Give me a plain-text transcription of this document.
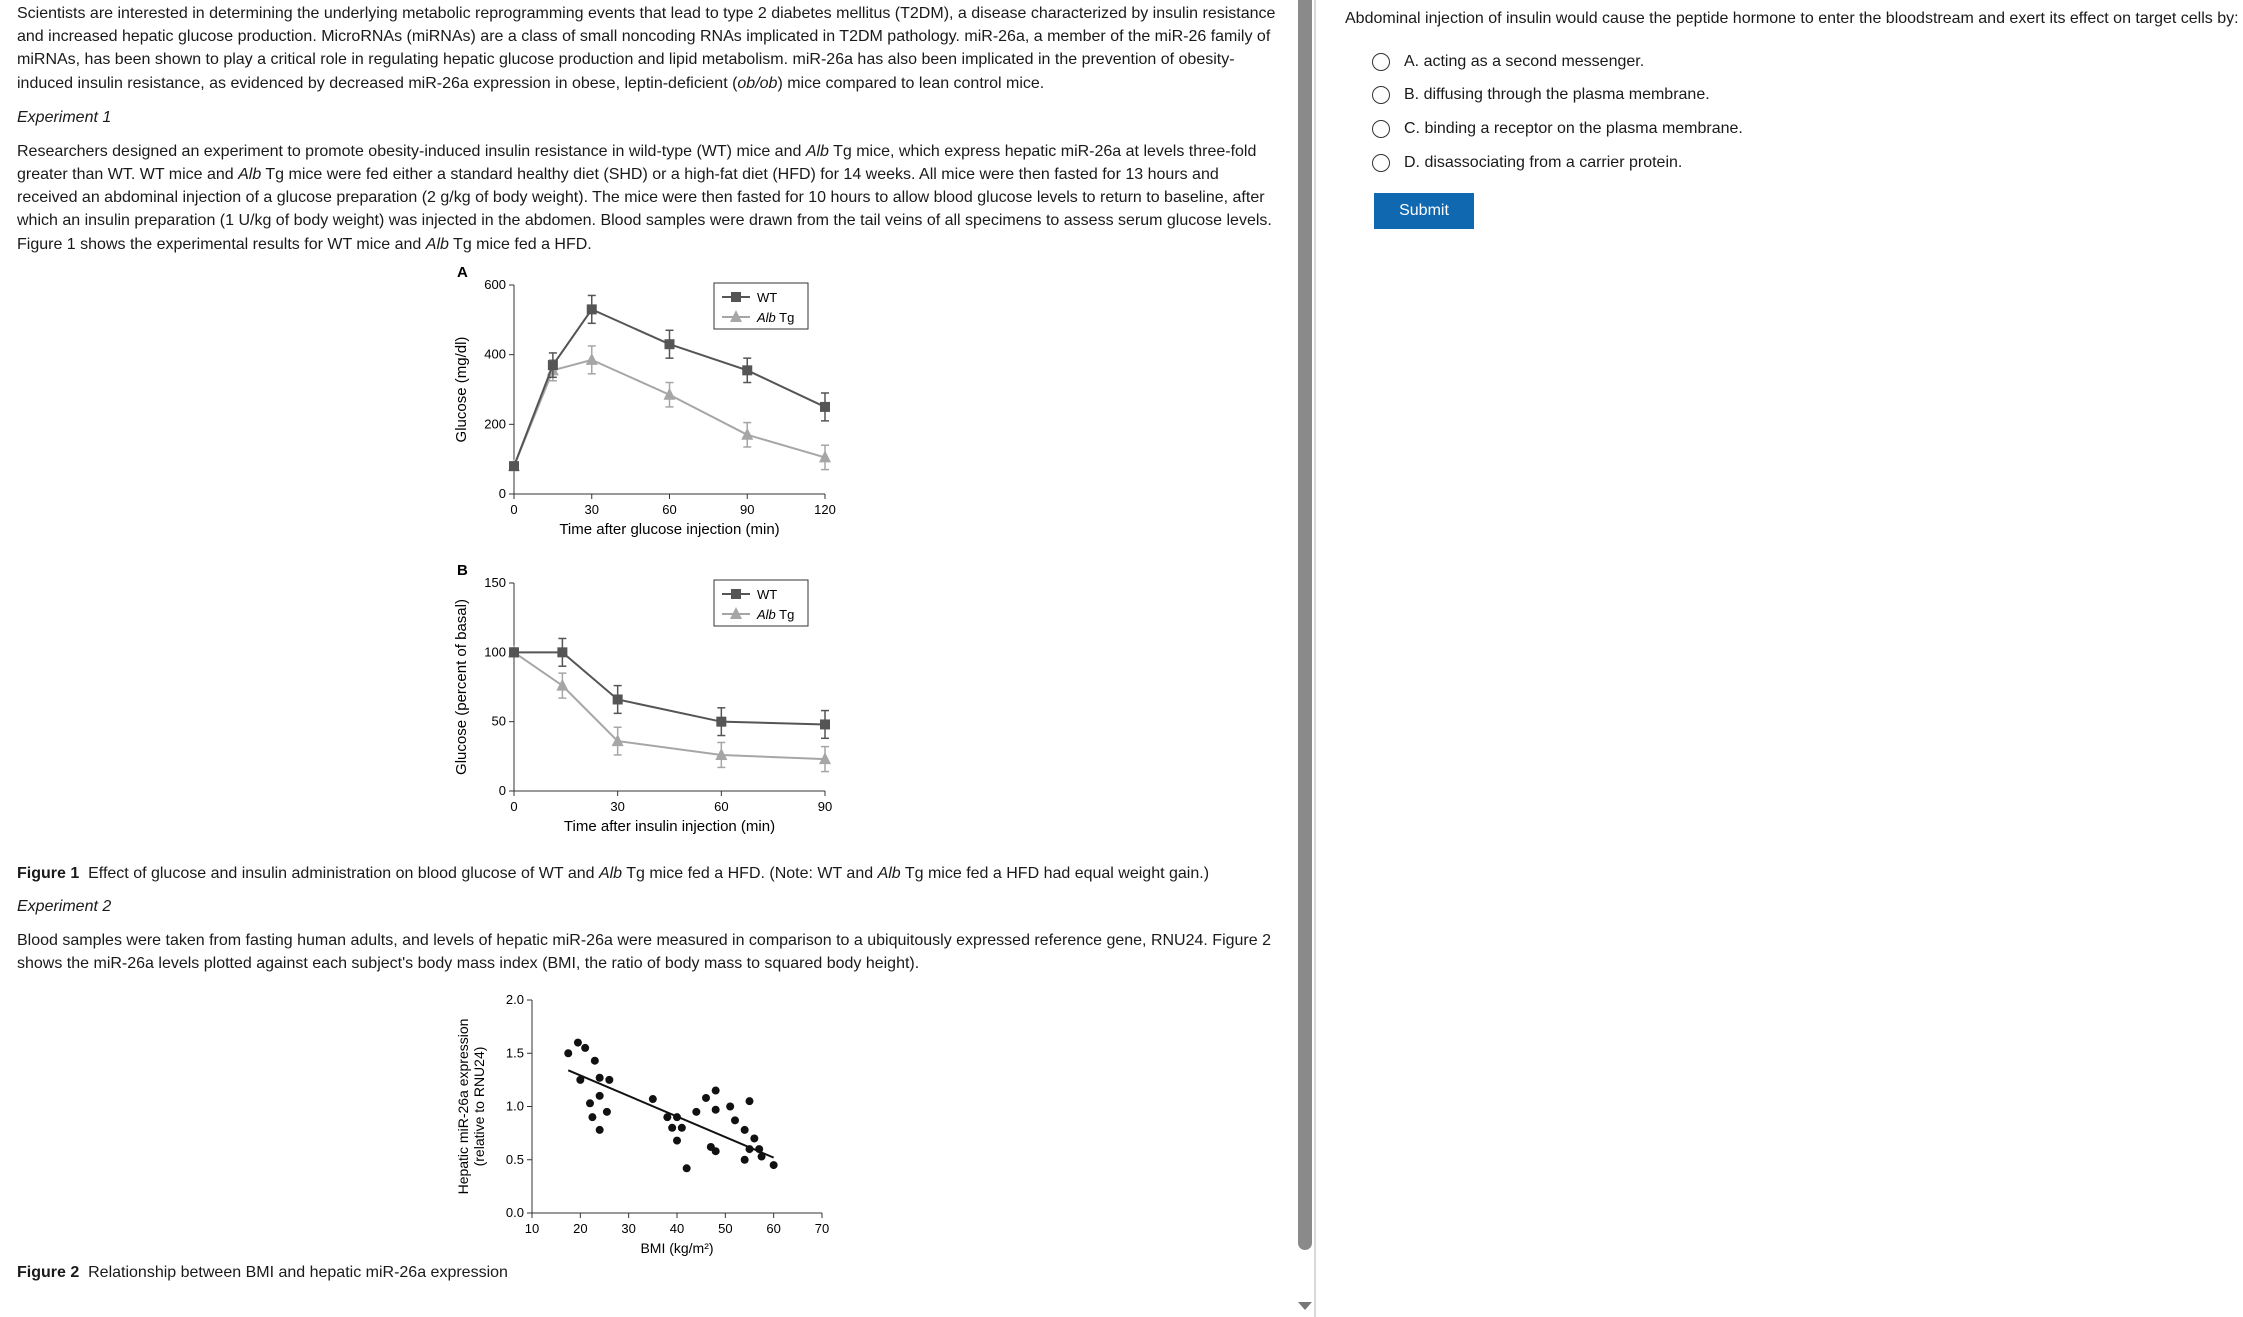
Scientists are interested in determining the underlying metabolic reprogramming events that lead to type 2 diabetes mellitus (T2DM), a disease characterized by insulin resistance and increased hepatic glucose production. MicroRNAs (miRNAs) are a class of small noncoding RNAs implicated in T2DM pathology. miR-26a, a member of the miR-26 family of miRNAs, has been shown to play a critical role in regulating hepatic glucose production and lipid metabolism. miR-26a has also been implicated in the prevention of obesity-induced insulin resistance, as evidenced by decreased miR-26a expression in obese, leptin-deficient (ob/ob) mice compared to lean control mice.

Experiment 1

Researchers designed an experiment to promote obesity-induced insulin resistance in wild-type (WT) mice and Alb Tg mice, which express hepatic miR-26a at levels three-fold greater than WT. WT mice and Alb Tg mice were fed either a standard healthy diet (SHD) or a high-fat diet (HFD) for 14 weeks. All mice were then fasted for 13 hours and received an abdominal injection of a glucose preparation (2 g/kg of body weight). The mice were then fasted for 10 hours to allow blood glucose levels to return to baseline, after which an insulin preparation (1 U/kg of body weight) was injected in the abdomen. Blood samples were drawn from the tail veins of all specimens to assess serum glucose levels. Figure 1 shows the experimental results for WT mice and Alb Tg mice fed a HFD.

A
0	30	60	90	120
0
200
400
600
Time after glucose injection (min)
Glucose (mg/dl)
WT
Alb Tg
B
0	30	60	90
0
50
100
150
Time after insulin injection (min)
Glucose (percent of basal)
WT
Alb Tg

Figure 1 Effect of glucose and insulin administration on blood glucose of WT and Alb Tg mice fed a HFD. (Note: WT and Alb Tg mice fed a HFD had equal weight gain.)

Experiment 2

Blood samples were taken from fasting human adults, and levels of hepatic miR-26a were measured in comparison to a ubiquitously expressed reference gene, RNU24. Figure 2 shows the miR-26a levels plotted against each subject's body mass index (BMI, the ratio of body mass to squared body height).

10	20	30	40	50	60	70
0.0
0.5
1.0
1.5
2.0
BMI (kg/m²)
Hepatic miR-26a expression (relative to RNU24)

Figure 2 Relationship between BMI and hepatic miR-26a expression

Abdominal injection of insulin would cause the peptide hormone to enter the bloodstream and exert its effect on target cells by:
A.
acting as a second messenger.
B.
diffusing through the plasma membrane.
C.
binding a receptor on the plasma membrane.
D.
disassociating from a carrier protein.
Submit
